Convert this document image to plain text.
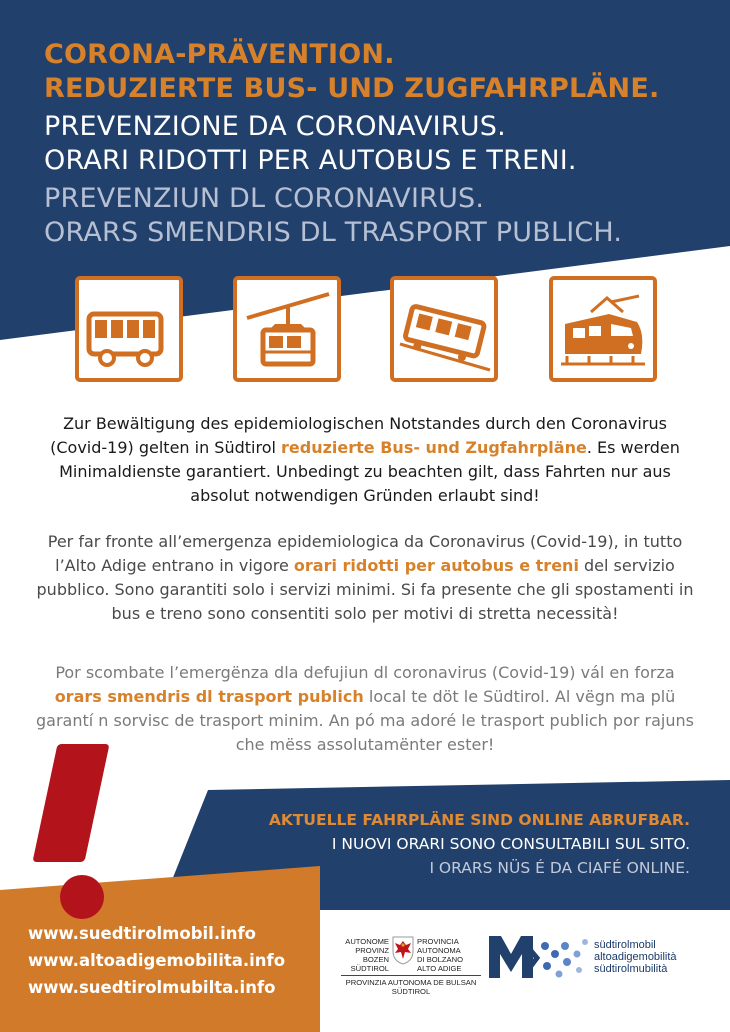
CORONA-PRÄVENTION.
REDUZIERTE BUS- UND ZUGFAHRPLÄNE.
PREVENZIONE DA CORONAVIRUS.
ORARI RIDOTTI PER AUTOBUS E TRENI.
PREVENZIUN DL CORONAVIRUS.
ORARS SMENDRIS DL TRASPORT PUBLICH.

Zur Bewältigung des epidemiologischen Notstandes durch den Coronavirus (Covid-19) gelten in Südtirol reduzierte Bus- und Zugfahrpläne. Es werden Minimaldienste garantiert. Unbedingt zu beachten gilt, dass Fahrten nur aus absolut notwendigen Gründen erlaubt sind!

Per far fronte all’emergenza epidemiologica da Coronavirus (Covid-19), in tutto l’Alto Adige entrano in vigore orari ridotti per autobus e treni del servizio pubblico. Sono garantiti solo i servizi minimi. Si fa presente che gli spostamenti in bus e treno sono consentiti solo per motivi di stretta necessità!

Por scombate l’emergënza dla defujiun dl coronavirus (Covid-19) vál en forza orars smendris dl trasport publich local te döt le Südtirol. Al vëgn ma plü garantí n sorvisc de trasport minim. An pó ma adoré le trasport publich por rajuns che mëss assolutamënter ester!

AKTUELLE FAHRPLÄNE SIND ONLINE ABRUFBAR.
I NUOVI ORARI SONO CONSULTABILI SUL SITO.
I ORARS NÜS É DA CIAFÉ ONLINE.
www.suedtirolmobil.info
www.altoadigemobilita.info
www.suedtirolmubilta.info
AUTONOME
PROVINZ
BOZEN
SÜDTIROL
PROVINCIA
AUTONOMA
DI BOLZANO
ALTO ADIGE
PROVINZIA AUTONOMA DE BULSAN
SÜDTIROL
südtirolmobil
altoadigemobilità
südtirolmubilità
